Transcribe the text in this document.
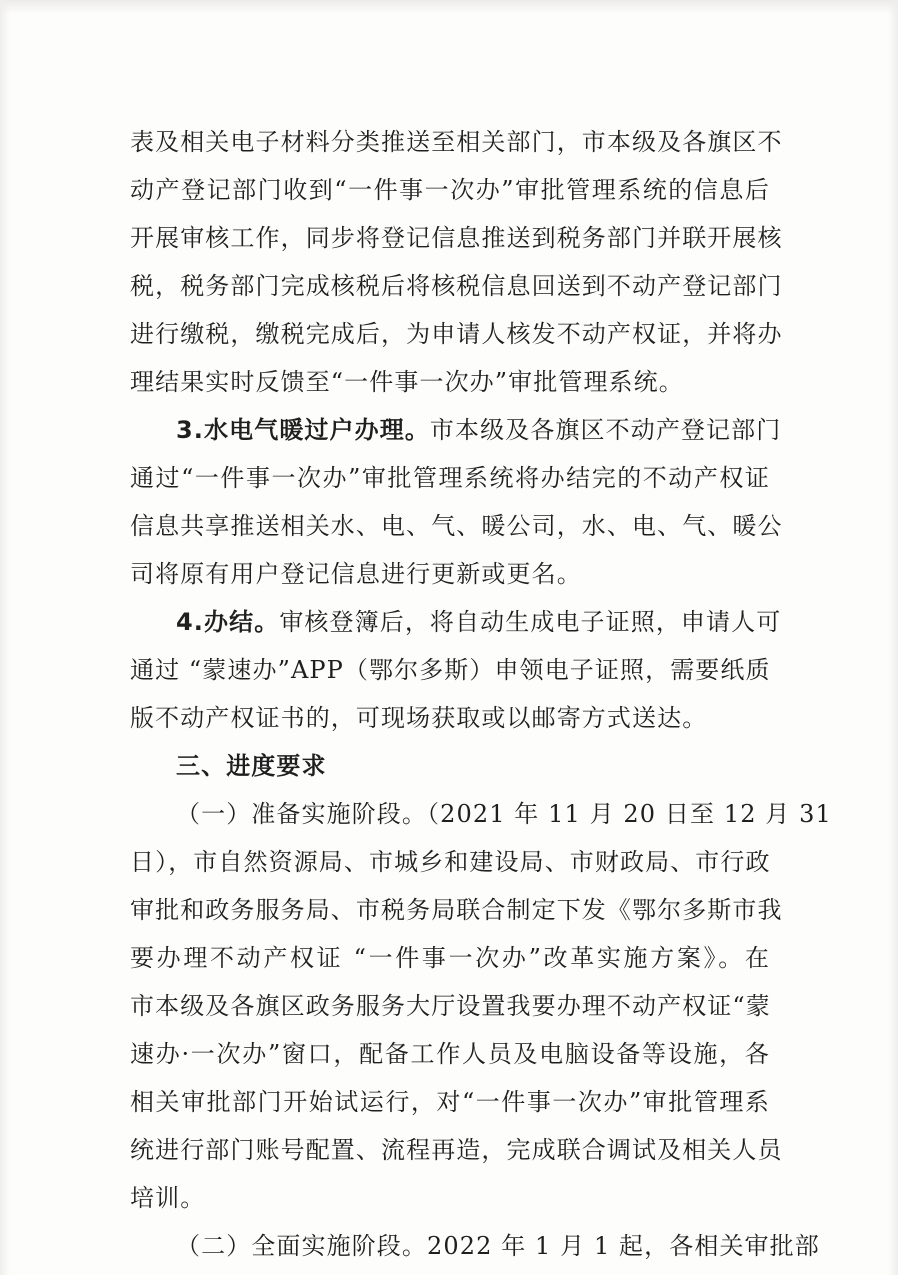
表及相关电子材料分类推送至相关部门，市本级及各旗区不
动产登记部门收到“一件事一次办”审批管理系统的信息后
开展审核工作，同步将登记信息推送到税务部门并联开展核
税，税务部门完成核税后将核税信息回送到不动产登记部门
进行缴税，缴税完成后，为申请人核发不动产权证，并将办
理结果实时反馈至“一件事一次办”审批管理系统。
3.水电气暖过户办理。市本级及各旗区不动产登记部门
通过“一件事一次办”审批管理系统将办结完的不动产权证
信息共享推送相关水、电、气、暖公司，水、电、气、暖公
司将原有用户登记信息进行更新或更名。
4.办结。审核登簿后，将自动生成电子证照，申请人可
通过 “蒙速办”APP（鄂尔多斯）申领电子证照，需要纸质
版不动产权证书的，可现场获取或以邮寄方式送达。
三、进度要求
（一）准备实施阶段。（2021 年 11 月 20 日至 12 月 31
日），市自然资源局、市城乡和建设局、市财政局、市行政
审批和政务服务局、市税务局联合制定下发《鄂尔多斯市我
要办理不动产权证 “一件事一次办”改革实施方案》。在
市本级及各旗区政务服务大厅设置我要办理不动产权证“蒙
速办·一次办”窗口，配备工作人员及电脑设备等设施，各
相关审批部门开始试运行，对“一件事一次办”审批管理系
统进行部门账号配置、流程再造，完成联合调试及相关人员
培训。
（二）全面实施阶段。2022 年 1 月 1 起，各相关审批部
